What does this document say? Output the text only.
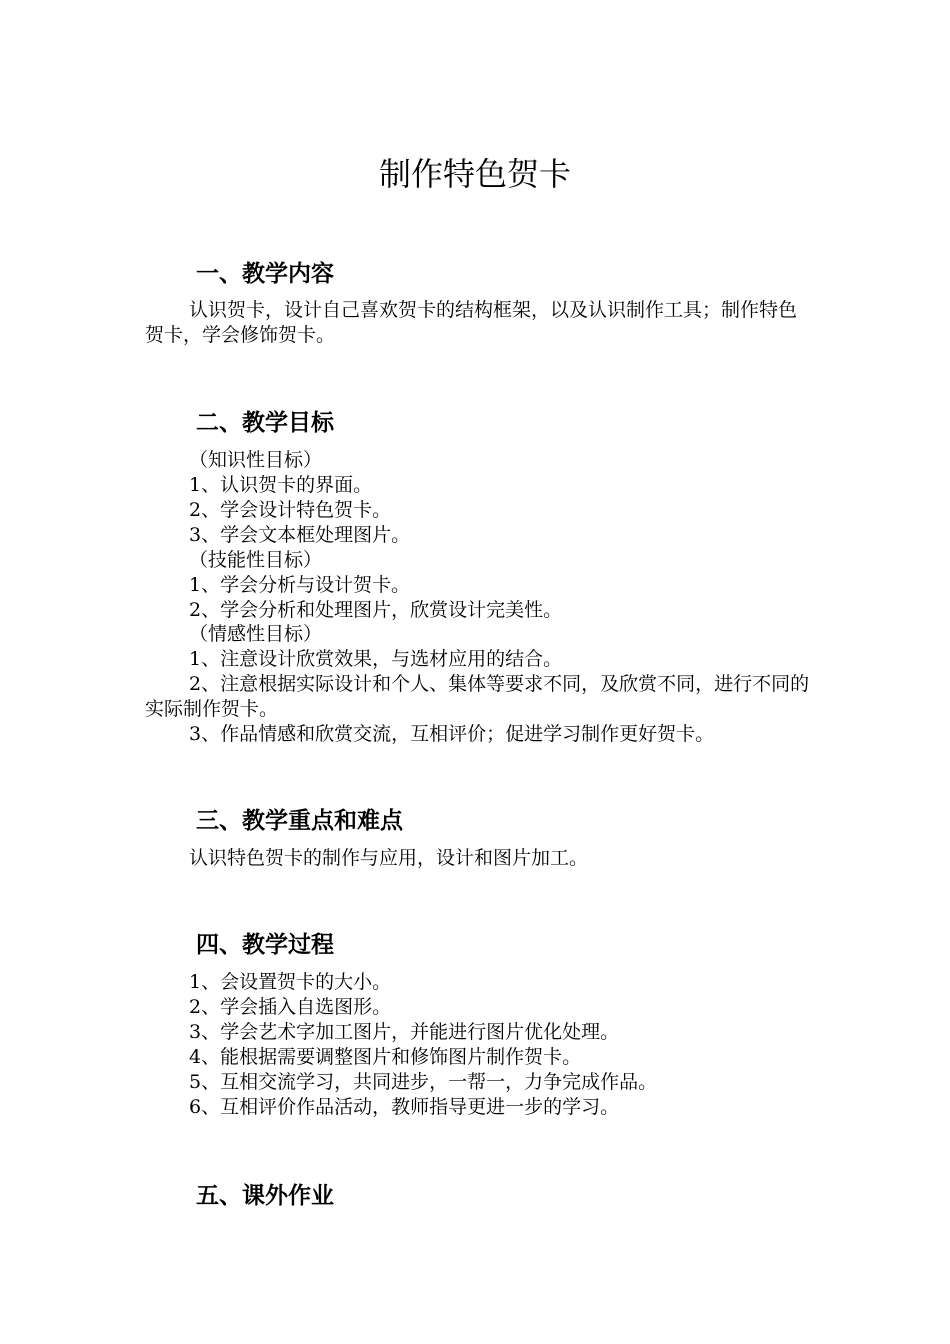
制作特色贺卡
一、教学内容

认识贺卡，设计自己喜欢贺卡的结构框架，以及认识制作工具；制作特色贺卡，学会修饰贺卡。

二、教学目标

（知识性目标）

1、认识贺卡的界面。

2、学会设计特色贺卡。

3、学会文本框处理图片。

（技能性目标）

1、学会分析与设计贺卡。

2、学会分析和处理图片，欣赏设计完美性。

（情感性目标）

1、注意设计欣赏效果，与选材应用的结合。

2、注意根据实际设计和个人、集体等要求不同，及欣赏不同，进行不同的实际制作贺卡。

3、作品情感和欣赏交流，互相评价；促进学习制作更好贺卡。

三、教学重点和难点

认识特色贺卡的制作与应用，设计和图片加工。

四、教学过程

1、会设置贺卡的大小。

2、学会插入自选图形。

3、学会艺术字加工图片，并能进行图片优化处理。

4、能根据需要调整图片和修饰图片制作贺卡。

5、互相交流学习，共同进步，一帮一，力争完成作品。

6、互相评价作品活动，教师指导更进一步的学习。

五、课外作业
